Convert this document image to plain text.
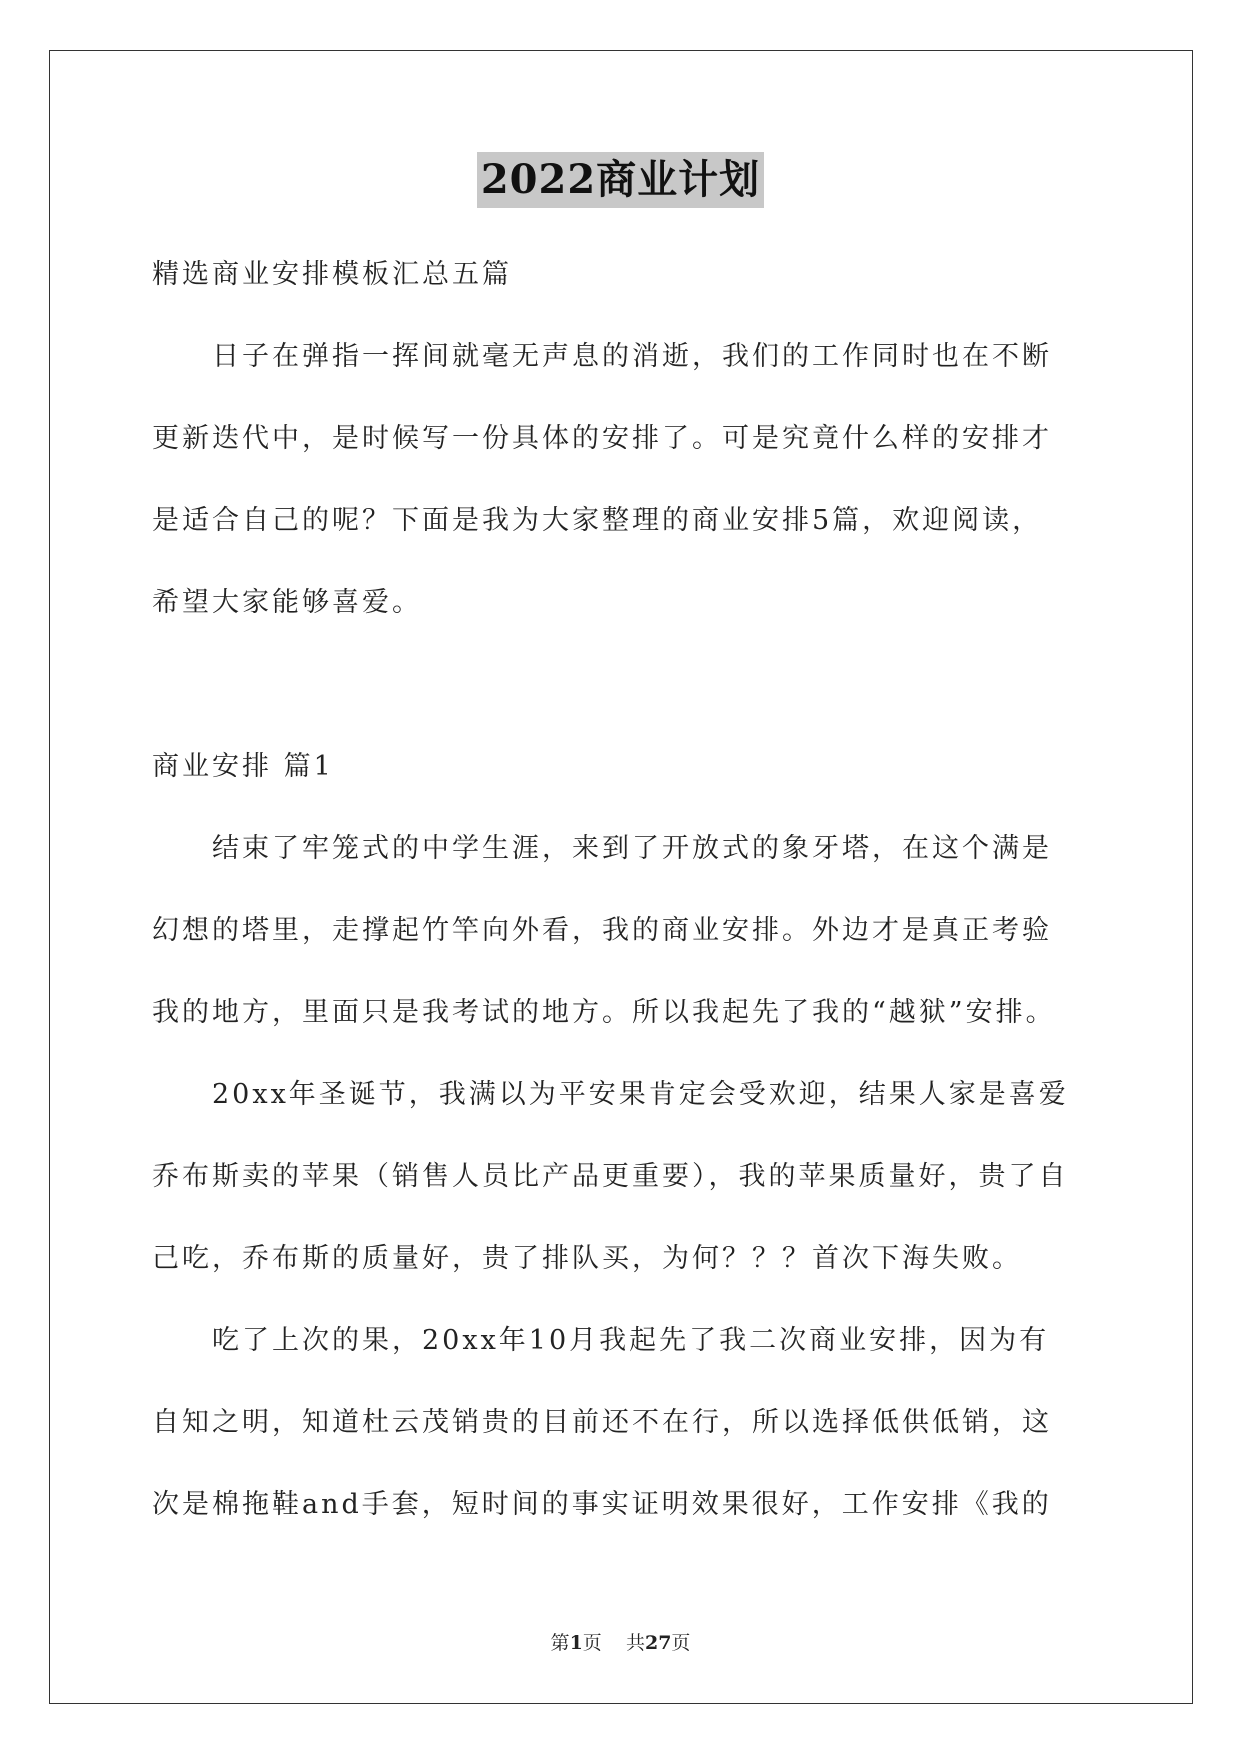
2022商业计划
精选商业安排模板汇总五篇
日子在弹指一挥间就毫无声息的消逝，我们的工作同时也在不断
更新迭代中，是时候写一份具体的安排了。可是究竟什么样的安排才
是适合自己的呢？下面是我为大家整理的商业安排5篇，欢迎阅读，
希望大家能够喜爱。
商业安排 篇1
结束了牢笼式的中学生涯，来到了开放式的象牙塔，在这个满是
幻想的塔里，走撑起竹竿向外看，我的商业安排。外边才是真正考验
我的地方，里面只是我考试的地方。所以我起先了我的“越狱”安排。
20xx年圣诞节，我满以为平安果肯定会受欢迎，结果人家是喜爱
乔布斯卖的苹果（销售人员比产品更重要），我的苹果质量好，贵了自
己吃，乔布斯的质量好，贵了排队买，为何？？？首次下海失败。
吃了上次的果，20xx年10月我起先了我二次商业安排，因为有
自知之明，知道杜云茂销贵的目前还不在行，所以选择低供低销，这
次是棉拖鞋and手套，短时间的事实证明效果很好，工作安排《我的
第1页    共27页
